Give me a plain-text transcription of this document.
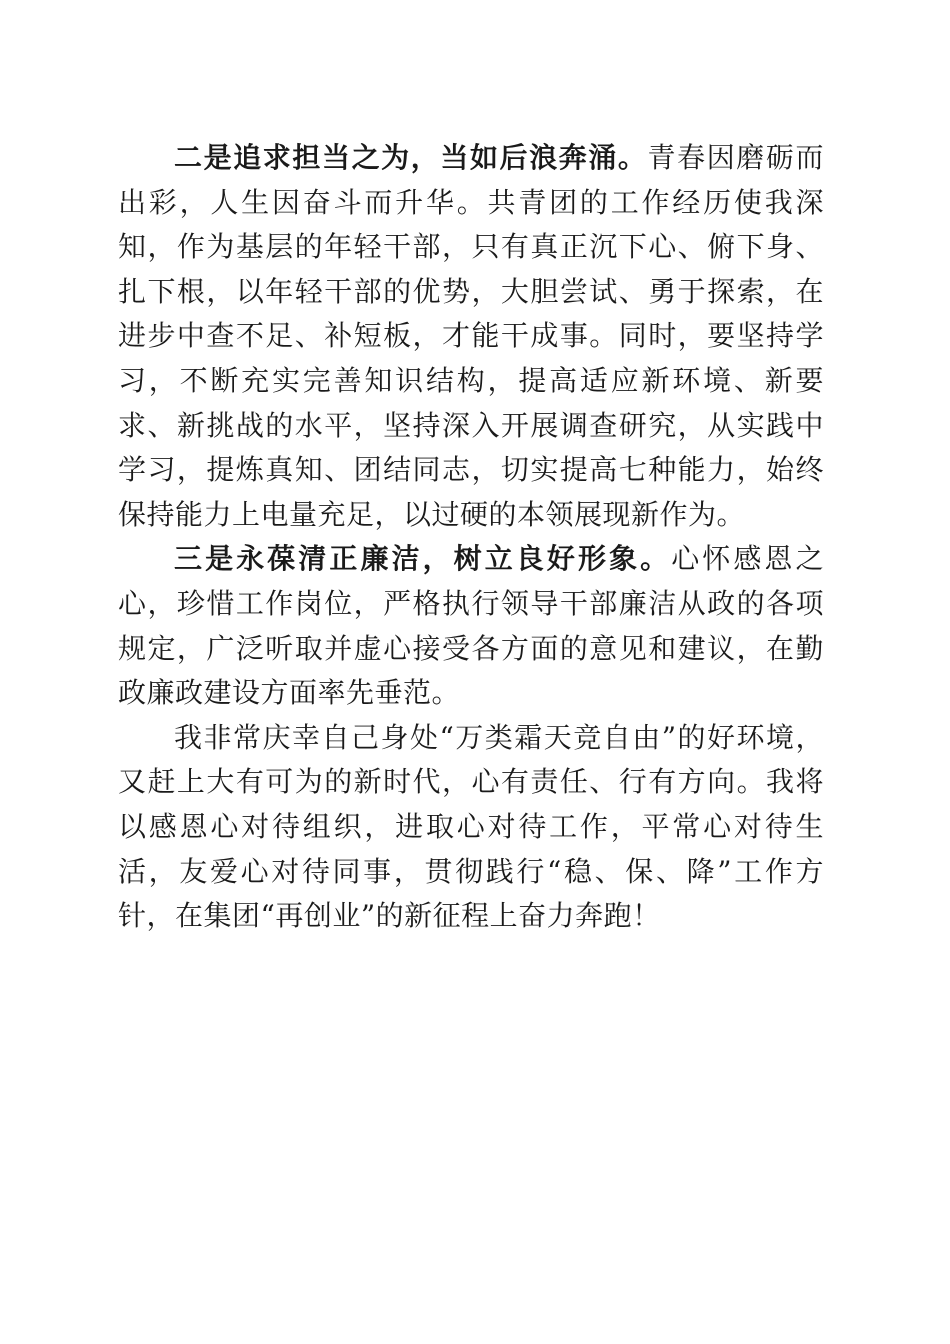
二是追求担当之为，当如后浪奔涌。青春因磨砺而出彩，人生因奋斗而升华。共青团的工作经历使我深知，作为基层的年轻干部，只有真正沉下心、俯下身、扎下根，以年轻干部的优势，大胆尝试、勇于探索，在进步中查不足、补短板，才能干成事。同时，要坚持学习，不断充实完善知识结构，提高适应新环境、新要求、新挑战的水平，坚持深入开展调查研究，从实践中学习，提炼真知、团结同志，切实提高七种能力，始终保持能力上电量充足，以过硬的本领展现新作为。

三是永葆清正廉洁，树立良好形象。心怀感恩之心，珍惜工作岗位，严格执行领导干部廉洁从政的各项规定，广泛听取并虚心接受各方面的意见和建议，在勤政廉政建设方面率先垂范。

我非常庆幸自己身处“万类霜天竞自由”的好环境，又赶上大有可为的新时代，心有责任、行有方向。我将以感恩心对待组织，进取心对待工作，平常心对待生活，友爱心对待同事，贯彻践行“稳、保、降”工作方针，在集团“再创业”的新征程上奋力奔跑！
